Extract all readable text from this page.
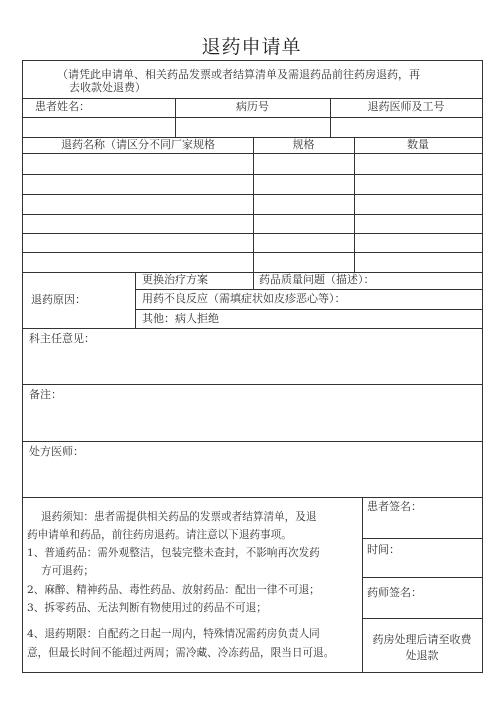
退药申请单
（请凭此申请单、相关药品发票或者结算清单及需退药品前往药房退药，再
去收款处退费）
患者姓名：	病历号	退药医师及工号
退药名称（请区分不同厂家规格	规格	数量
退药原因：
更换治疗方案	药品质量问题（描述）：
用药不良反应（需填症状如皮疹恶心等）：
其他：病人拒绝
科主任意见：
备注：
处方医师：
退药须知：患者需提供相关药品的发票或者结算清单，及退
药申请单和药品，前往药房退药。请注意以下退药事项。
1、普通药品：需外观整洁，包装完整未查封，不影响再次发药
方可退药；
2、麻醉、精神药品、毒性药品、放射药品：配出一律不可退；
3、拆零药品、无法判断有物使用过的药品不可退；
4、退药期限：自配药之日起一周内，特殊情况需药房负责人同
意，但最长时间不能超过两周；需冷藏、冷冻药品，限当日可退。
患者签名：
时间：
药师签名：
药房处理后请至收费
处退款
